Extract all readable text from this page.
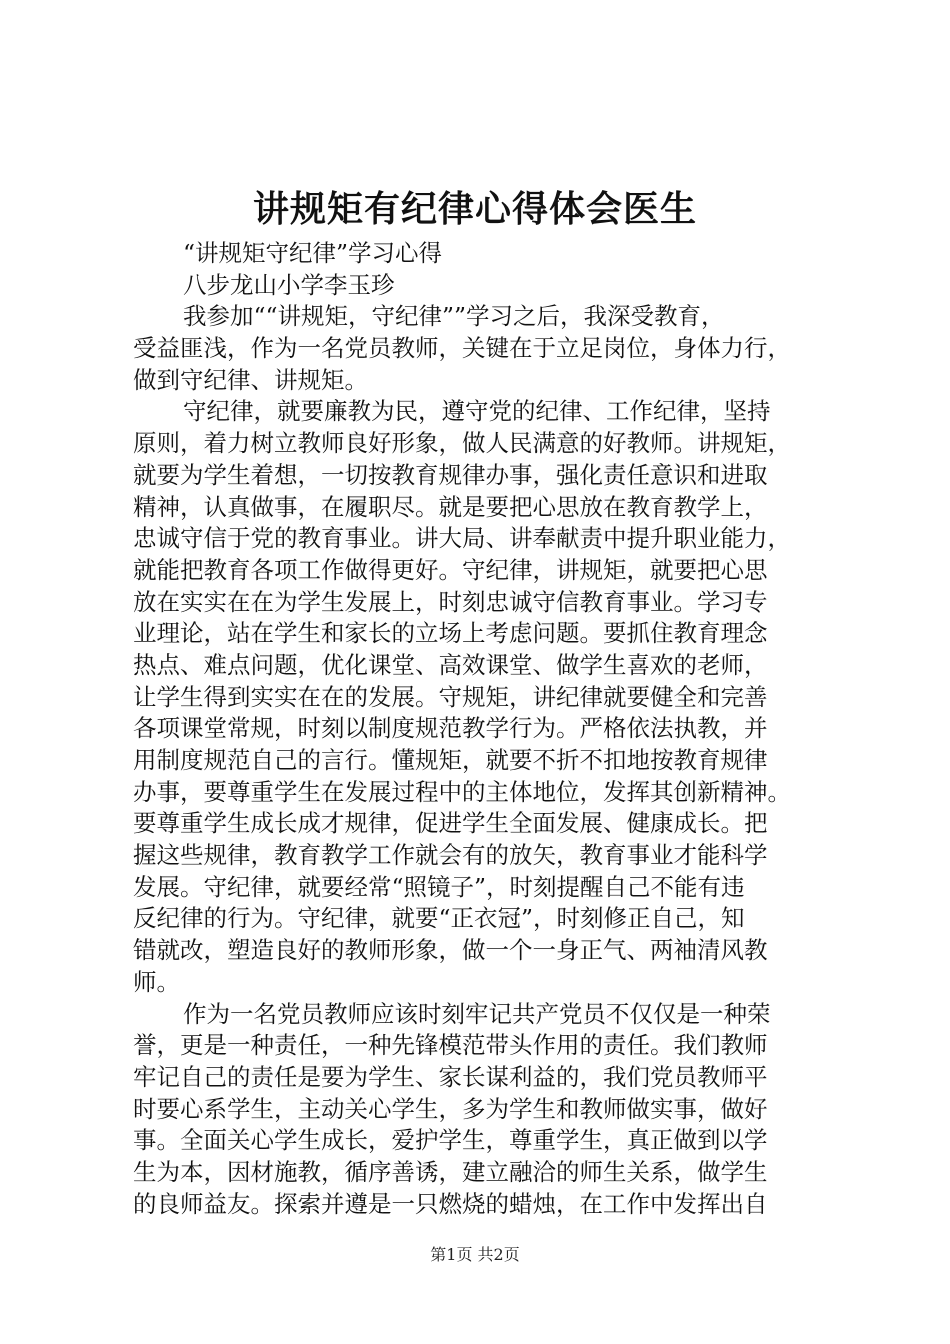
讲规矩有纪律心得体会医生
“讲规矩守纪律”学习心得
八步龙山小学李玉珍
我参加““讲规矩，守纪律””学习之后，我深受教育，
受益匪浅，作为一名党员教师，关键在于立足岗位，身体力行，
做到守纪律、讲规矩。
守纪律，就要廉教为民，遵守党的纪律、工作纪律，坚持
原则，着力树立教师良好形象，做人民满意的好教师。讲规矩，
就要为学生着想，一切按教育规律办事，强化责任意识和进取
精神，认真做事，在履职尽。就是要把心思放在教育教学上，
忠诚守信于党的教育事业。讲大局、讲奉献责中提升职业能力，
就能把教育各项工作做得更好。守纪律，讲规矩，就要把心思
放在实实在在为学生发展上，时刻忠诚守信教育事业。学习专
业理论，站在学生和家长的立场上考虑问题。要抓住教育理念
热点、难点问题，优化课堂、高效课堂、做学生喜欢的老师，
让学生得到实实在在的发展。守规矩，讲纪律就要健全和完善
各项课堂常规，时刻以制度规范教学行为。严格依法执教，并
用制度规范自己的言行。懂规矩，就要不折不扣地按教育规律
办事，要尊重学生在发展过程中的主体地位，发挥其创新精神。
要尊重学生成长成才规律，促进学生全面发展、健康成长。把
握这些规律，教育教学工作就会有的放矢，教育事业才能科学
发展。守纪律，就要经常“照镜子”，时刻提醒自己不能有违
反纪律的行为。守纪律，就要“正衣冠”，时刻修正自己，知
错就改，塑造良好的教师形象，做一个一身正气、两袖清风教
师。
作为一名党员教师应该时刻牢记共产党员不仅仅是一种荣
誉，更是一种责任，一种先锋模范带头作用的责任。我们教师
牢记自己的责任是要为学生、家长谋利益的，我们党员教师平
时要心系学生，主动关心学生，多为学生和教师做实事，做好
事。全面关心学生成长，爱护学生，尊重学生，真正做到以学
生为本，因材施教，循序善诱，建立融洽的师生关系，做学生
的良师益友。探索并遵是一只燃烧的蜡烛，在工作中发挥出自
第1页 共2页
